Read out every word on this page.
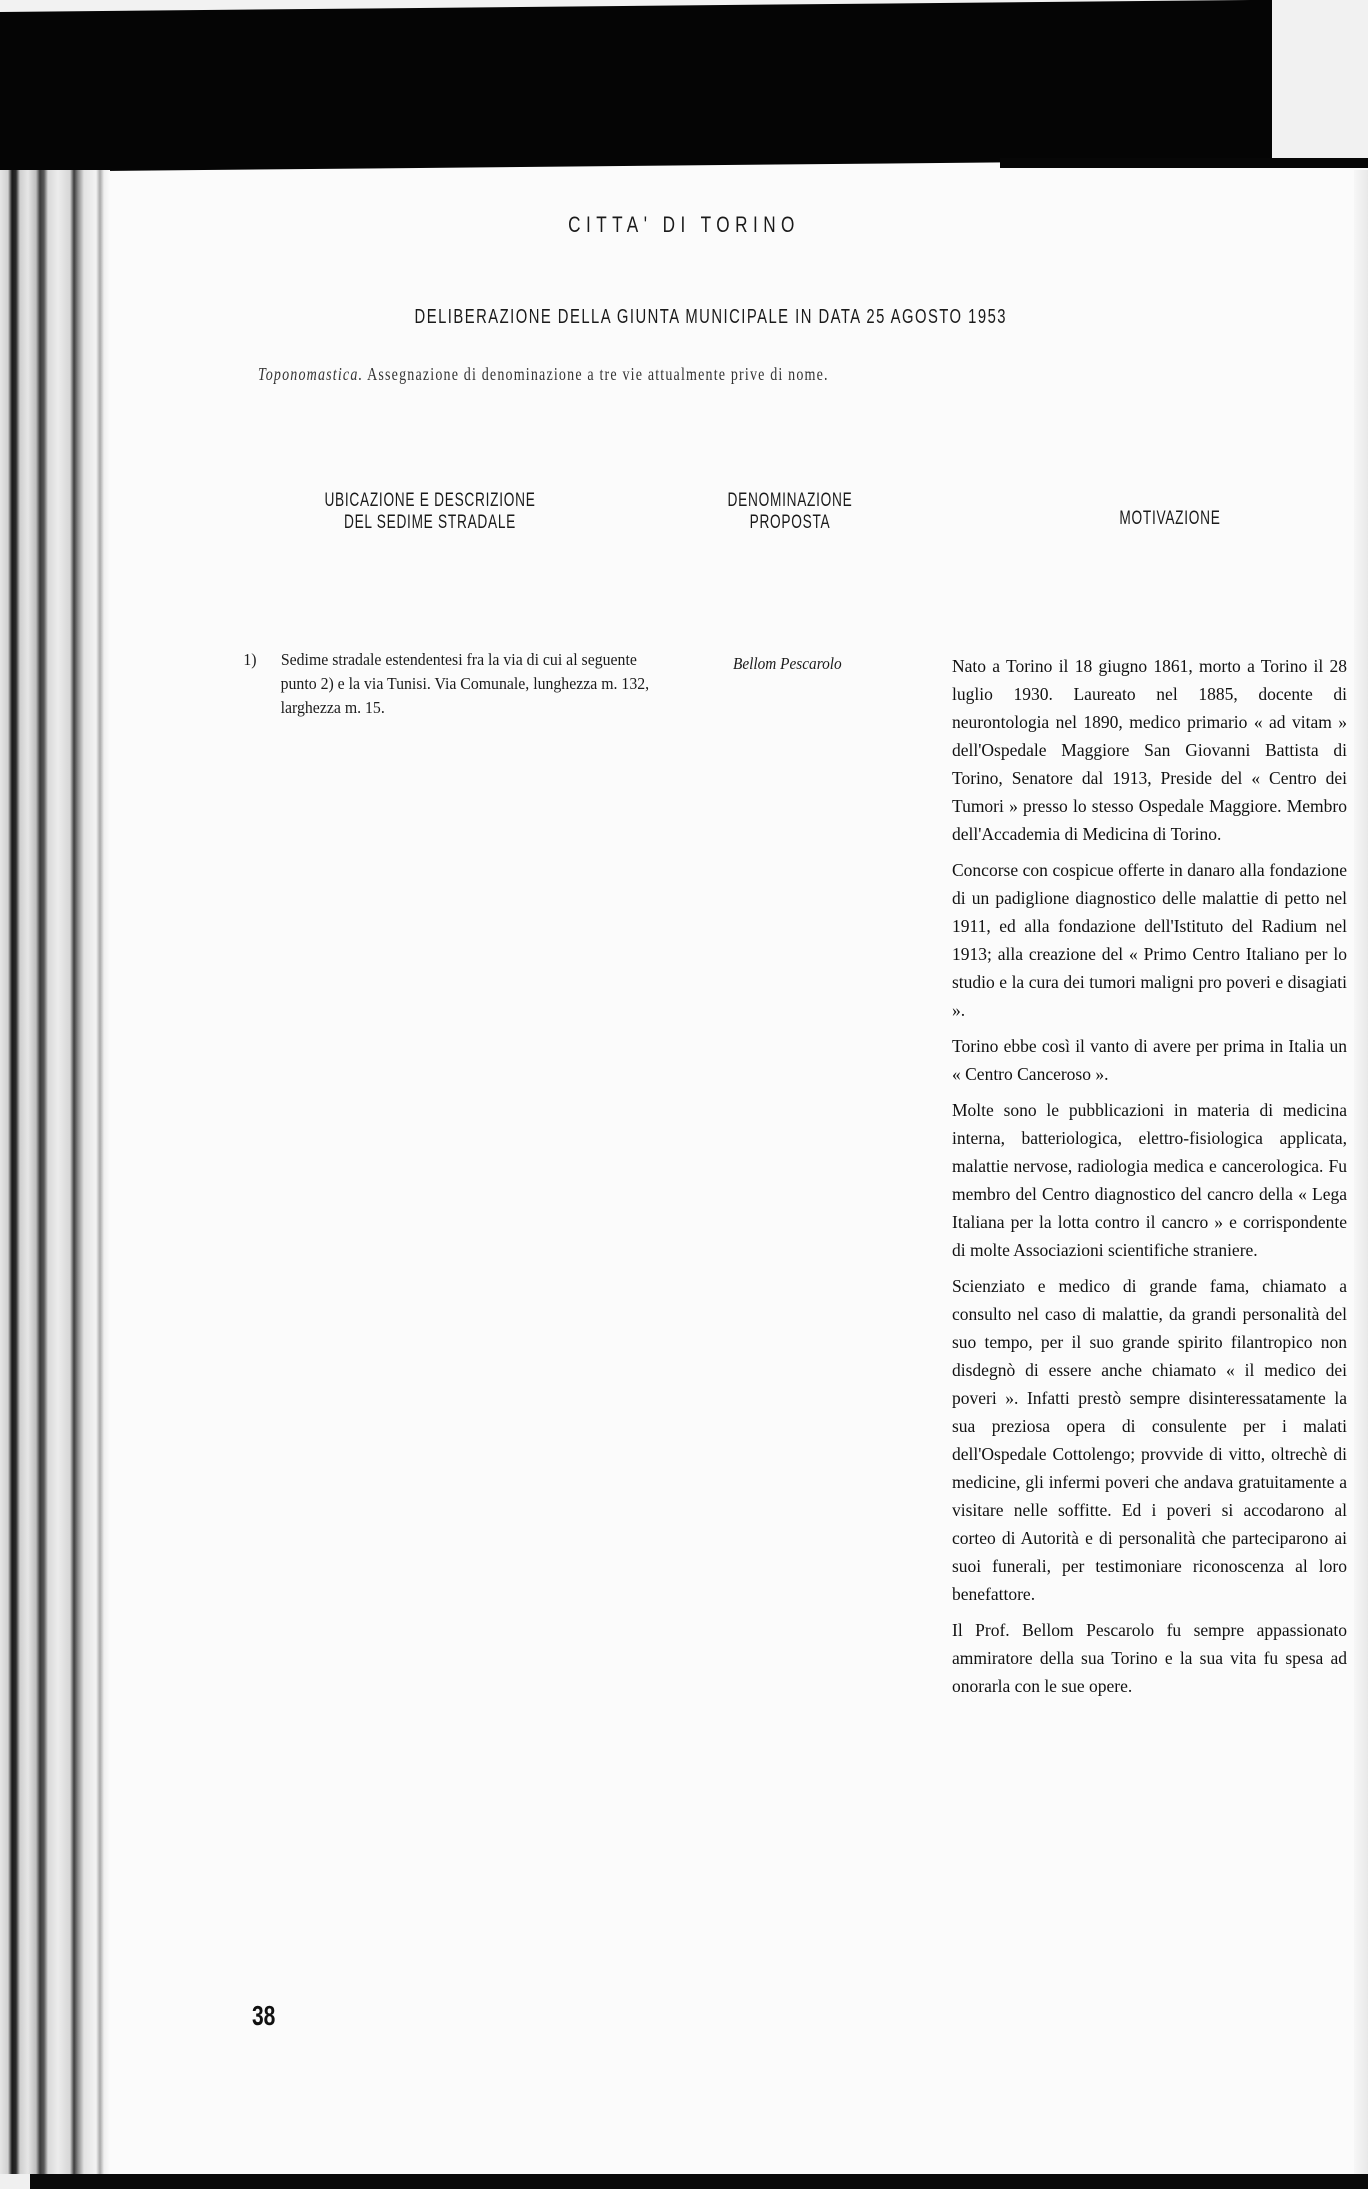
CITTA' DI TORINO
DELIBERAZIONE DELLA GIUNTA MUNICIPALE IN DATA 25 AGOSTO 1953
Toponomastica. Assegnazione di denominazione a tre vie attualmente prive di nome.
UBICAZIONE E DESCRIZIONE
DEL SEDIME STRADALE
DENOMINAZIONE
PROPOSTA	MOTIVAZIONE
1) Sedime stradale estendentesi fra la via di cui al seguente punto 2) e la via Tunisi. Via Comunale, lunghezza m. 132, larghezza m. 15.
Bellom Pescarolo	Nato a Torino il 18 giugno 1861, morto a Torino il 28 luglio 1930. Laureato nel 1885, docente di neurontologia nel 1890, medico primario « ad vitam » dell'Ospedale Maggiore San Giovanni Battista di Torino, Senatore dal 1913, Preside del « Centro dei Tumori » presso lo stesso Ospedale Maggiore. Membro dell'Accademia di Medicina di Torino.

Concorse con cospicue offerte in danaro alla fondazione di un padiglione diagnostico delle malattie di petto nel 1911, ed alla fondazione dell'Istituto del Radium nel 1913; alla creazione del « Primo Centro Italiano per lo studio e la cura dei tumori maligni pro poveri e disagiati ».

Torino ebbe così il vanto di avere per prima in Italia un « Centro Canceroso ».

Molte sono le pubblicazioni in materia di medicina interna, batteriologica, elettro-fisiologica applicata, malattie nervose, radiologia medica e cancerologica. Fu membro del Centro diagnostico del cancro della « Lega Italiana per la lotta contro il cancro » e corrispondente di molte Associazioni scientifiche straniere.

Scienziato e medico di grande fama, chiamato a consulto nel caso di malattie, da grandi personalità del suo tempo, per il suo grande spirito filantropico non disdegnò di essere anche chiamato « il medico dei poveri ». Infatti prestò sempre disinteressatamente la sua preziosa opera di consulente per i malati dell'Ospedale Cottolengo; provvide di vitto, oltrechè di medicine, gli infermi poveri che andava gratuitamente a visitare nelle soffitte. Ed i poveri si accodarono al corteo di Autorità e di personalità che parteciparono ai suoi funerali, per testimoniare riconoscenza al loro benefattore.

Il Prof. Bellom Pescarolo fu sempre appassionato ammiratore della sua Torino e la sua vita fu spesa ad onorarla con le sue opere.

38
